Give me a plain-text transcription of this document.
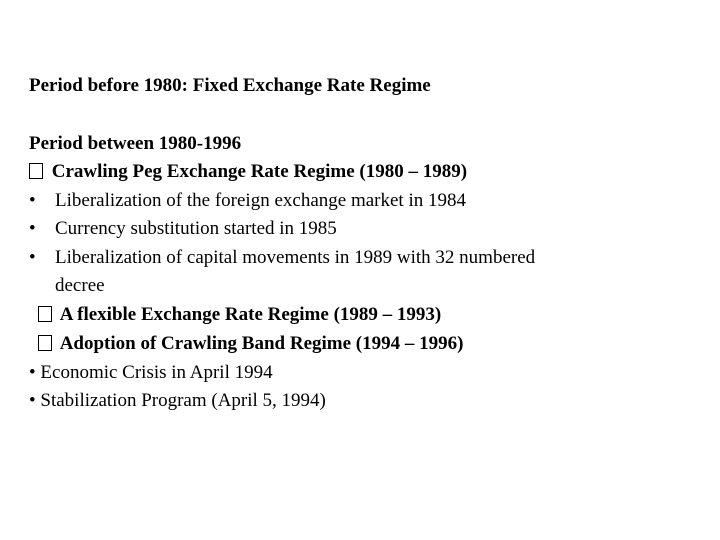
Period before 1980: Fixed Exchange Rate Regime
Period between 1980-1996
Crawling Peg Exchange Rate Regime (1980 – 1989)
• Liberalization of the foreign exchange market in 1984
• Currency substitution started in 1985
• Liberalization of capital movements in 1989 with 32 numbered
decree
A flexible Exchange Rate Regime (1989 – 1993)
Adoption of Crawling Band Regime (1994 – 1996)
• Economic Crisis in April 1994
• Stabilization Program (April 5, 1994)
